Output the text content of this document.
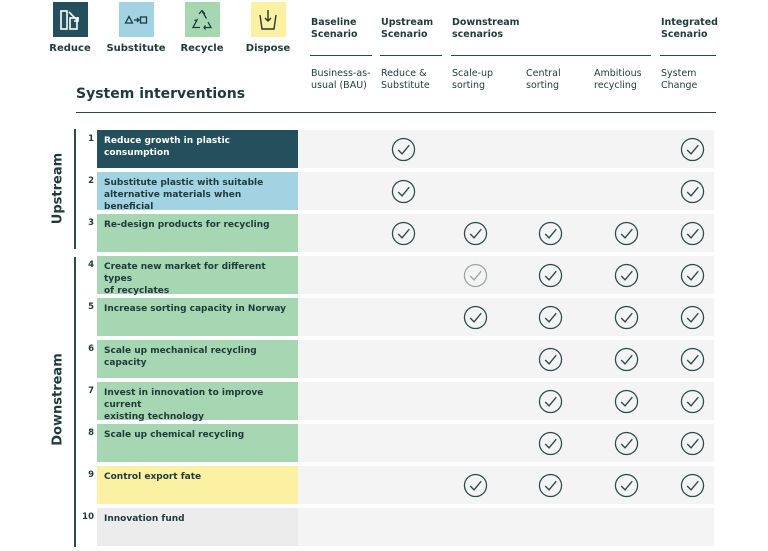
Reduce Substitute Recycle Dispose
Baseline
Scenario
Upstream
Scenario
Downstream
scenarios
Integrated
Scenario
Business-as-
usual (BAU)
Reduce &
Substitute
Scale-up
sorting
Central
sorting
Ambitious
recycling
System
Change
System interventions
Upstream
Downstream
1 Reduce growth in plastic consumption
2 Substitute plastic with suitable
alternative materials when beneficial
3 Re-design products for recycling
4 Create new market for different types
of recyclates
5 Increase sorting capacity in Norway
6 Scale up mechanical recycling capacity
7 Invest in innovation to improve current
existing technology
8 Scale up chemical recycling
9 Control export fate
10 Innovation fund
